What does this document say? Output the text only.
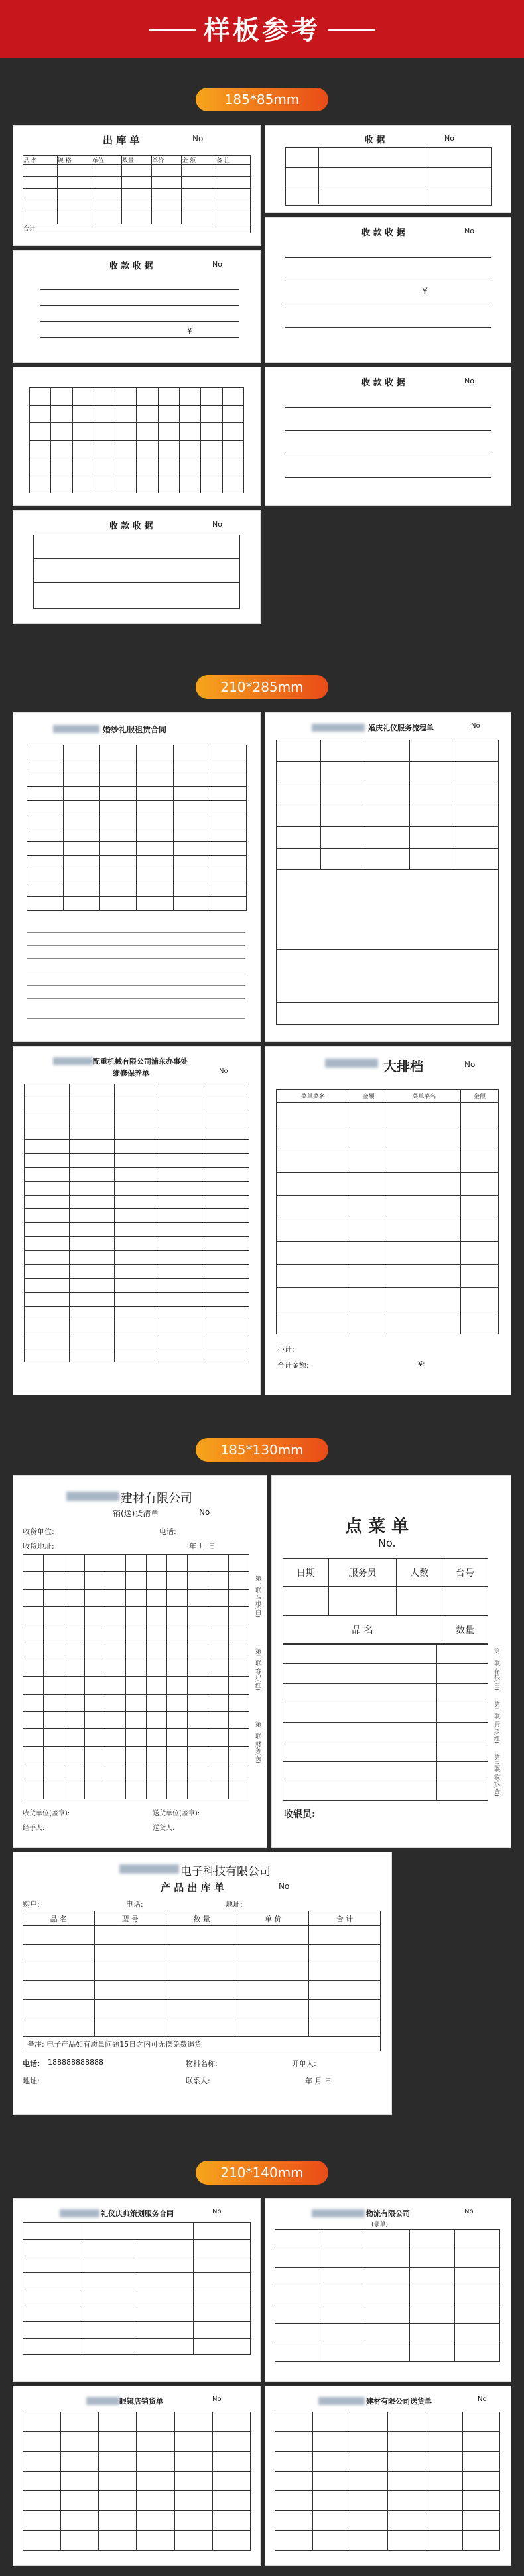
样板参考
185*85mm
出 库 单	No
品 名	规 格	单位	数量	单价	金 额	备 注

合计						
收 据	No
收 款 收 据	No
¥
收 款 收 据	No
¥

收 款 收 据	No
收 款 收 据	No
210*285mm
婚纱礼服租赁合同

						婚庆礼仪服务流程单	No

配重机械有限公司浦东办事处
维修保养单	No

					大排档	No
菜单菜名	金额	菜单菜名	金额

小计:
合计金额:	¥:
185*130mm
建材有限公司
销(送)货清单	No
收货单位:	电话:
收货地址:	年 月 日

第一联 存根(白)
第二联 客户(红)
第三联 财务(黄)
收货单位(盖章):	送货单位(盖章):
经手人:	送货人:
点 菜 单
No.
日期	服务员	人数	台号

品 名			数量

第一联 存根(白)
第二联 厨房(红)
第三联 收银(黄)
收银员:
电子科技有限公司
产 品 出 库 单	No
购户:	电话:	地址:
品 名	型 号	数 量	单 价	合 计

备注: 电子产品如有质量问题15日之内可无偿免费退货				
电话: 188888888888	物料名称:	开单人:
地址:	联系人:	年 月 日
210*140mm
礼仪庆典策划服务合同	No

				物流有限公司
(录单)
No

眼镜店销货单	No

						建材有限公司送货单	No
